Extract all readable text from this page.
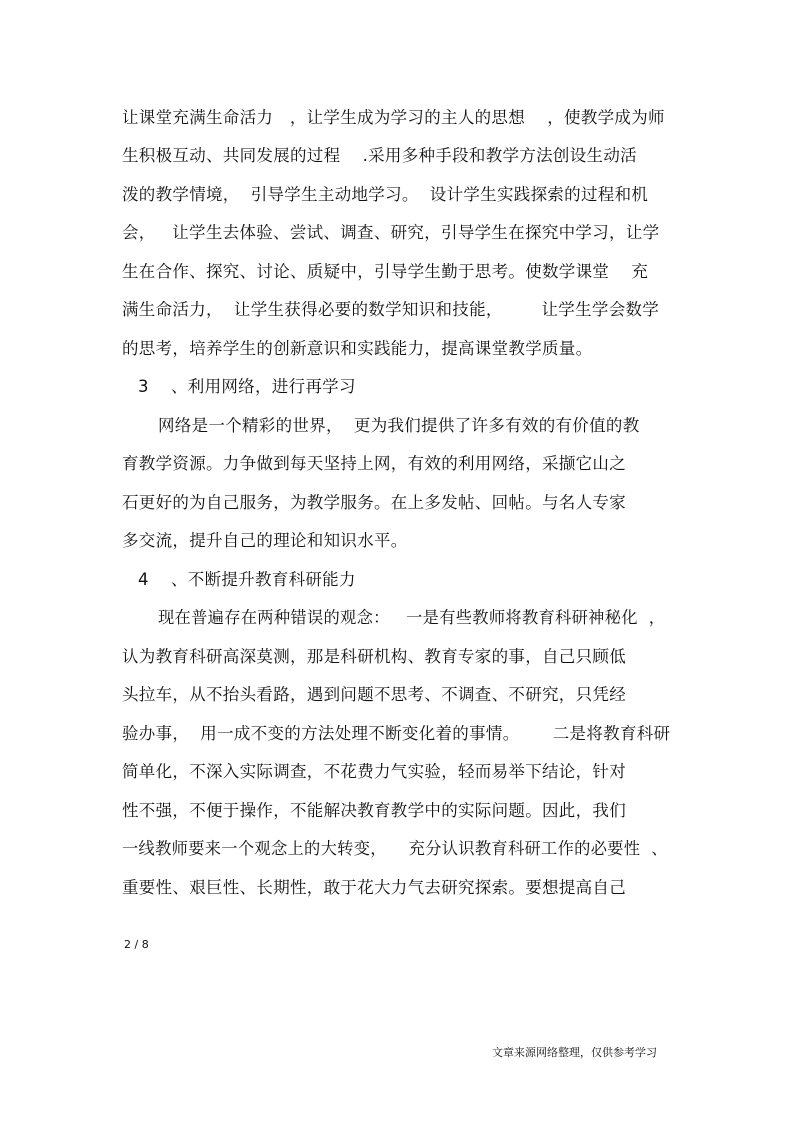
让课堂充满生命活力   ，让学生成为学习的主人的思想    ，使教学成为师
生积极互动、共同发展的过程    .采用多种手段和教学方法创设生动活
泼的教学情境，  引导学生主动地学习。  设计学生实践探索的过程和机
会，   让学生去体验、尝试、调查、研究，引导学生在探究中学习，让学
生在合作、探究、讨论、质疑中，引导学生勤于思考。使数学课堂    充
满生命活力，  让学生获得必要的数学知识和技能，       让学生学会数学
的思考，培养学生的创新意识和实践能力，提高课堂教学质量。
3    、利用网络，进行再学习
网络是一个精彩的世界，  更为我们提供了许多有效的有价值的教
育教学资源。力争做到每天坚持上网，有效的利用网络，采撷它山之
石更好的为自己服务，为教学服务。在上多发帖、回帖。与名人专家
多交流，提升自己的理论和知识水平。
4    、不断提升教育科研能力
现在普遍存在两种错误的观念：   一是有些教师将教育科研神秘化  ，
认为教育科研高深莫测，那是科研机构、教育专家的事，自己只顾低
头拉车，从不抬头看路，遇到问题不思考、不调查、不研究，只凭经
验办事，  用一成不变的方法处理不断变化着的事情。      二是将教育科研
简单化，不深入实际调查，不花费力气实验，轻而易举下结论，针对
性不强，不便于操作，不能解决教育教学中的实际问题。因此，我们
一线教师要来一个观念上的大转变，    充分认识教育科研工作的必要性  、
重要性、艰巨性、长期性，敢于花大力气去研究探索。要想提高自己
2 / 8
文章来源网络整理，仅供参考学习
